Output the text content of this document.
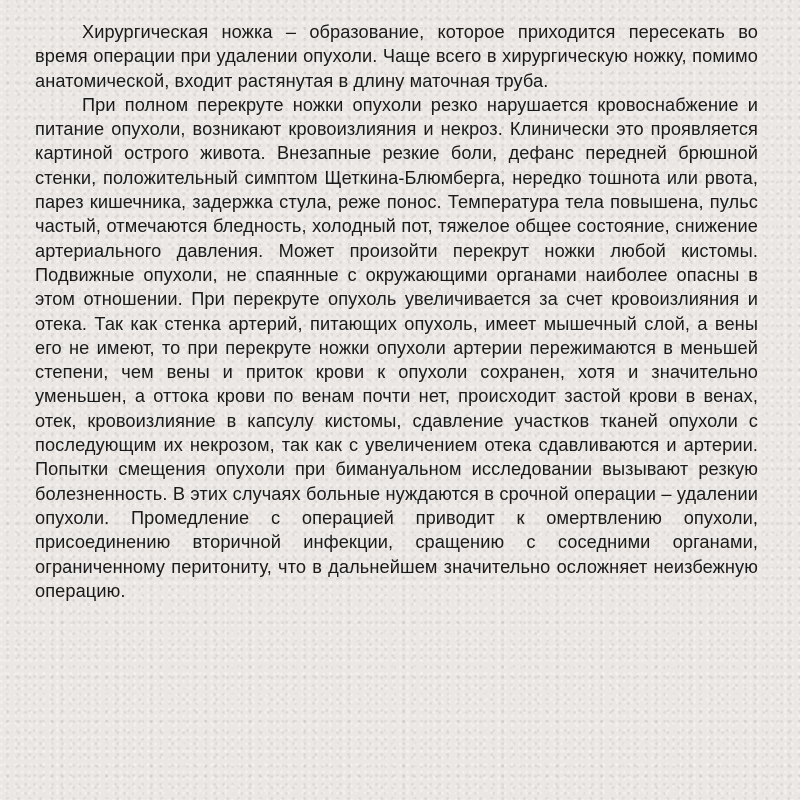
Хирургическая ножка – образование, которое приходится пересекать во время операции при удалении опухоли. Чаще всего в хирургическую ножку, помимо анатомической, входит растянутая в длину маточная труба.

При полном перекруте ножки опухоли резко нарушается кровоснабжение и питание опухоли, возникают кровоизлияния и некроз. Клинически это проявляется картиной острого живота. Внезапные резкие боли, дефанс передней брюшной стенки, положительный симптом Щеткина-Блюмберга, нередко тошнота или рвота, парез кишечника, задержка стула, реже понос. Температура тела повышена, пульс частый, отмечаются бледность, холодный пот, тяжелое общее состояние, снижение артериального давления. Может произойти перекрут ножки любой кистомы. Подвижные опухоли, не спаянные с окружающими органами наиболее опасны в этом отношении. При перекруте опухоль увеличивается за счет кровоизлияния и отека. Так как стенка артерий, питающих опухоль, имеет мышечный слой, а вены его не имеют, то при перекруте ножки опухоли артерии пережимаются в меньшей степени, чем вены и приток крови к опухоли сохранен, хотя и значительно уменьшен, а оттока крови по венам почти нет, происходит застой крови в венах, отек, кровоизлияние в капсулу кистомы, сдавление участков тканей опухоли с последующим их некрозом, так как с увеличением отека сдавливаются и артерии. Попытки смещения опухоли при бимануальном исследовании вызывают резкую болезненность. В этих случаях больные нуждаются в срочной операции – удалении опухоли. Промедление с операцией приводит к омертвлению опухоли, присоединению вторичной инфекции, сращению с соседними органами, ограниченному перитониту, что в дальнейшем значительно осложняет неизбежную операцию.
